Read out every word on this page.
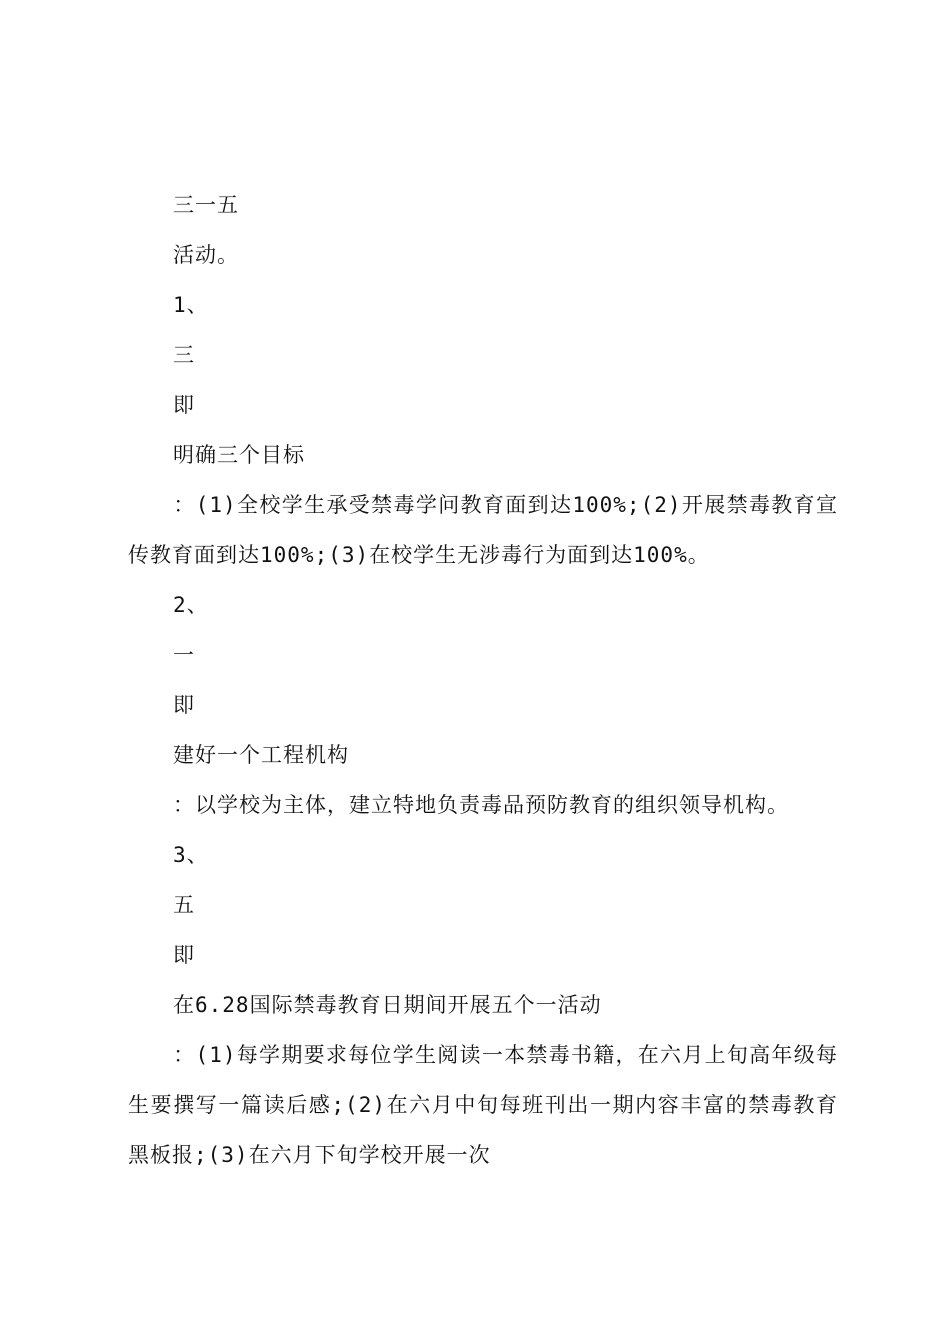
三一五
活动。
1、
三
即
明确三个目标
：(1)全校学生承受禁毒学问教育面到达100%;(2)开展禁毒教育宣传教育面到达100%;(3)在校学生无涉毒行为面到达100%。
2、
一
即
建好一个工程机构
：以学校为主体，建立特地负责毒品预防教育的组织领导机构。
3、
五
即
在6.28国际禁毒教育日期间开展五个一活动
：(1)每学期要求每位学生阅读一本禁毒书籍，在六月上旬高年级每生要撰写一篇读后感;(2)在六月中旬每班刊出一期内容丰富的禁毒教育黑板报;(3)在六月下旬学校开展一次
